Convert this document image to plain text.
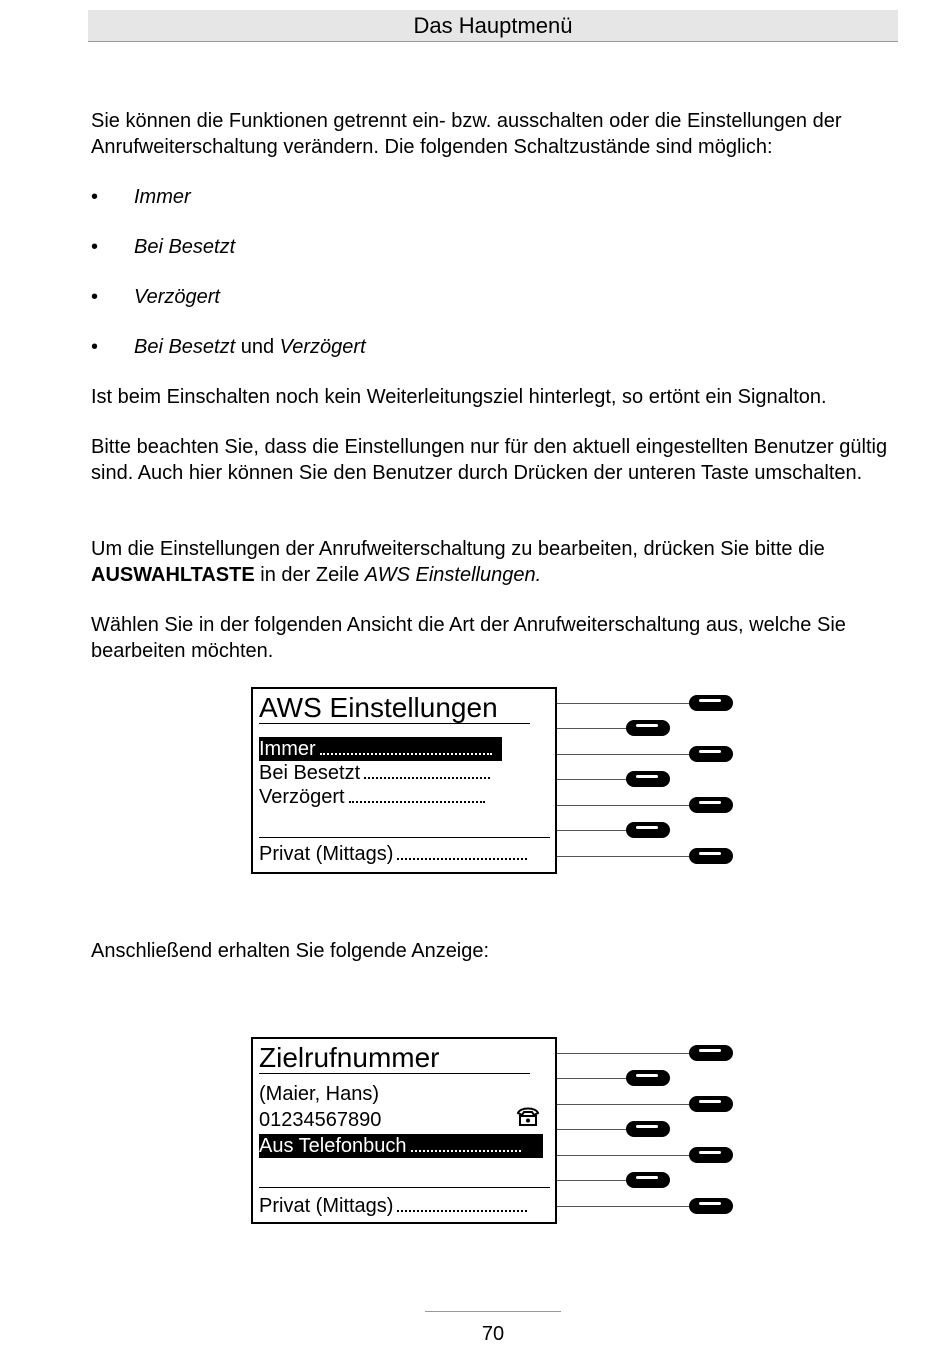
Das Hauptmenü

Sie können die Funktionen getrennt ein- bzw. ausschalten oder die Einstellungen der Anrufweiterschaltung verändern. Die folgenden Schaltzustände sind möglich:

• Immer
• Bei Besetzt
• Verzögert
• Bei Besetzt und Verzögert

Ist beim Einschalten noch kein Weiterleitungsziel hinterlegt, so ertönt ein Signalton.

Bitte beachten Sie, dass die Einstellungen nur für den aktuell eingestellten Benutzer gültig sind. Auch hier können Sie den Benutzer durch Drücken der unteren Taste umschalten.

Um die Einstellungen der Anrufweiterschaltung zu bearbeiten, drücken Sie bitte die AUSWAHLTASTE in der Zeile AWS Einstellungen.

Wählen Sie in der folgenden Ansicht die Art der Anrufweiterschaltung aus, welche Sie bearbeiten möchten.

AWS Einstellungen
Immer
Bei Besetzt
Verzögert
Privat (Mittags)

Anschließend erhalten Sie folgende Anzeige:

Zielrufnummer
(Maier, Hans)
01234567890
Aus Telefonbuch
Privat (Mittags)
70
